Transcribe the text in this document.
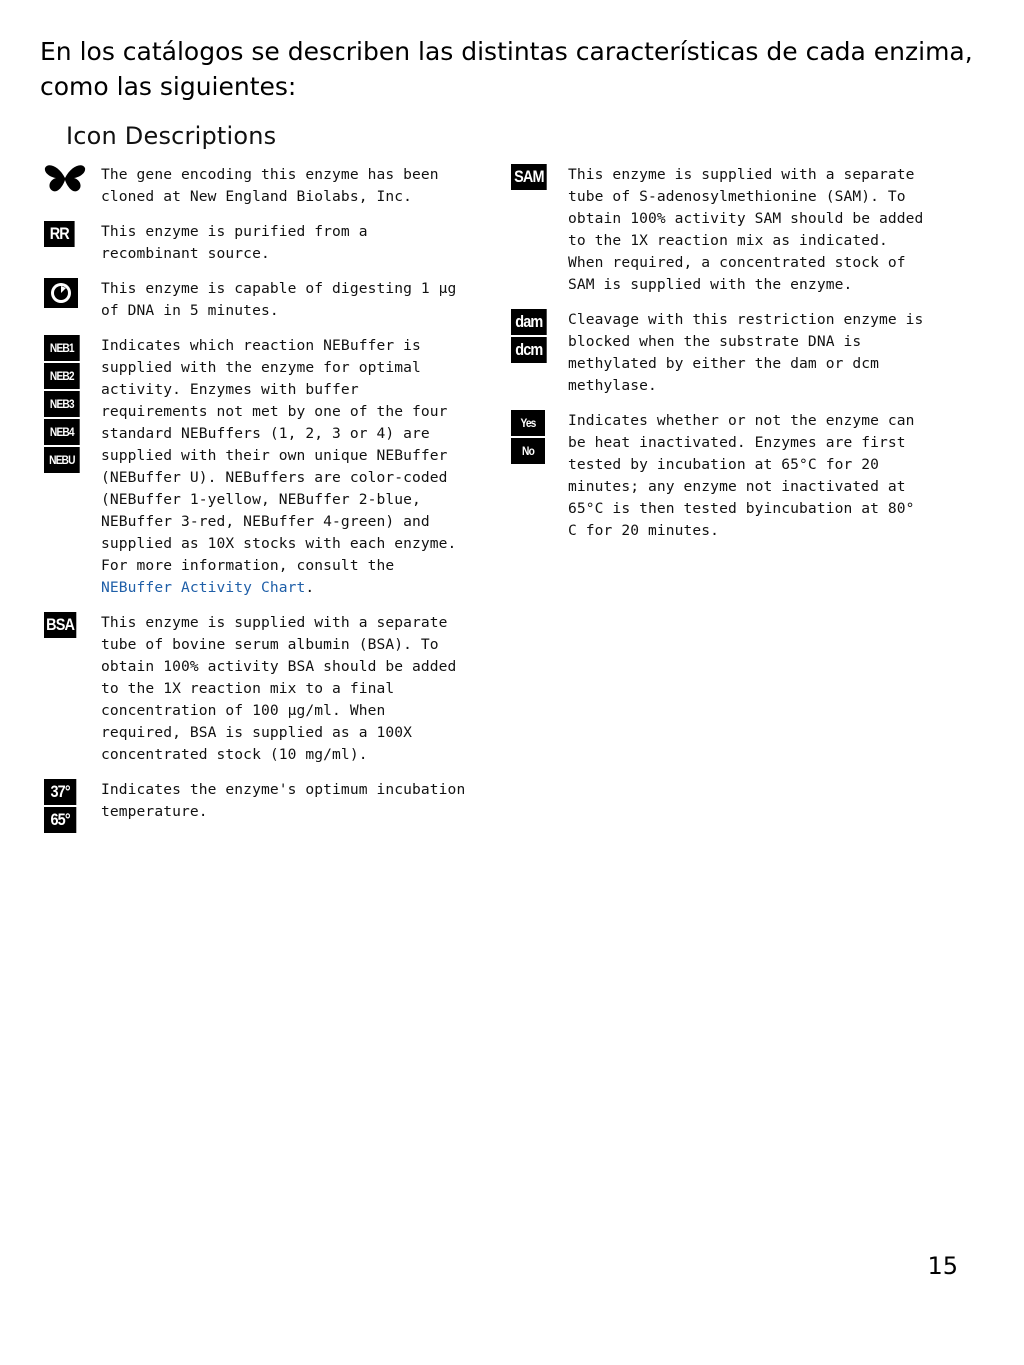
En los catálogos se describen las distintas características de cada enzima, como las siguientes:

Icon Descriptions
The gene encoding this enzyme has been cloned at New England Biolabs, Inc.
RR	This enzyme is purified from a recombinant source.
This enzyme is capable of digesting 1 µg of DNA in 5 minutes.
NEB1
NEB2
NEB3
NEB4
NEBU
Indicates which reaction NEBuffer is supplied with the enzyme for optimal activity. Enzymes with buffer requirements not met by one of the four standard NEBuffers (1, 2, 3 or 4) are supplied with their own unique NEBuffer (NEBuffer U). NEBuffers are color-coded (NEBuffer 1-yellow, NEBuffer 2-blue, NEBuffer 3-red, NEBuffer 4-green) and supplied as 10X stocks with each enzyme. For more information, consult the NEBuffer Activity Chart.
BSA This enzyme is supplied with a separate tube of bovine serum albumin (BSA). To obtain 100% activity BSA should be added to the 1X reaction mix to a final concentration of 100 µg/ml. When required, BSA is supplied as a 100X concentrated stock (10 mg/ml).
37°
65°
Indicates the enzyme's optimum incubation temperature.
SAM This enzyme is supplied with a separate tube of S-adenosylmethionine (SAM). To obtain 100% activity SAM should be added to the 1X reaction mix as indicated. When required, a concentrated stock of SAM is supplied with the enzyme.
dam
dcm
Cleavage with this restriction enzyme is blocked when the substrate DNA is methylated by either the dam or dcm methylase.
Yes
No
Indicates whether or not the enzyme can be heat inactivated. Enzymes are first tested by incubation at 65°C for 20 minutes; any enzyme not inactivated at 65°C is then tested byincubation at 80° C for 20 minutes.
15
